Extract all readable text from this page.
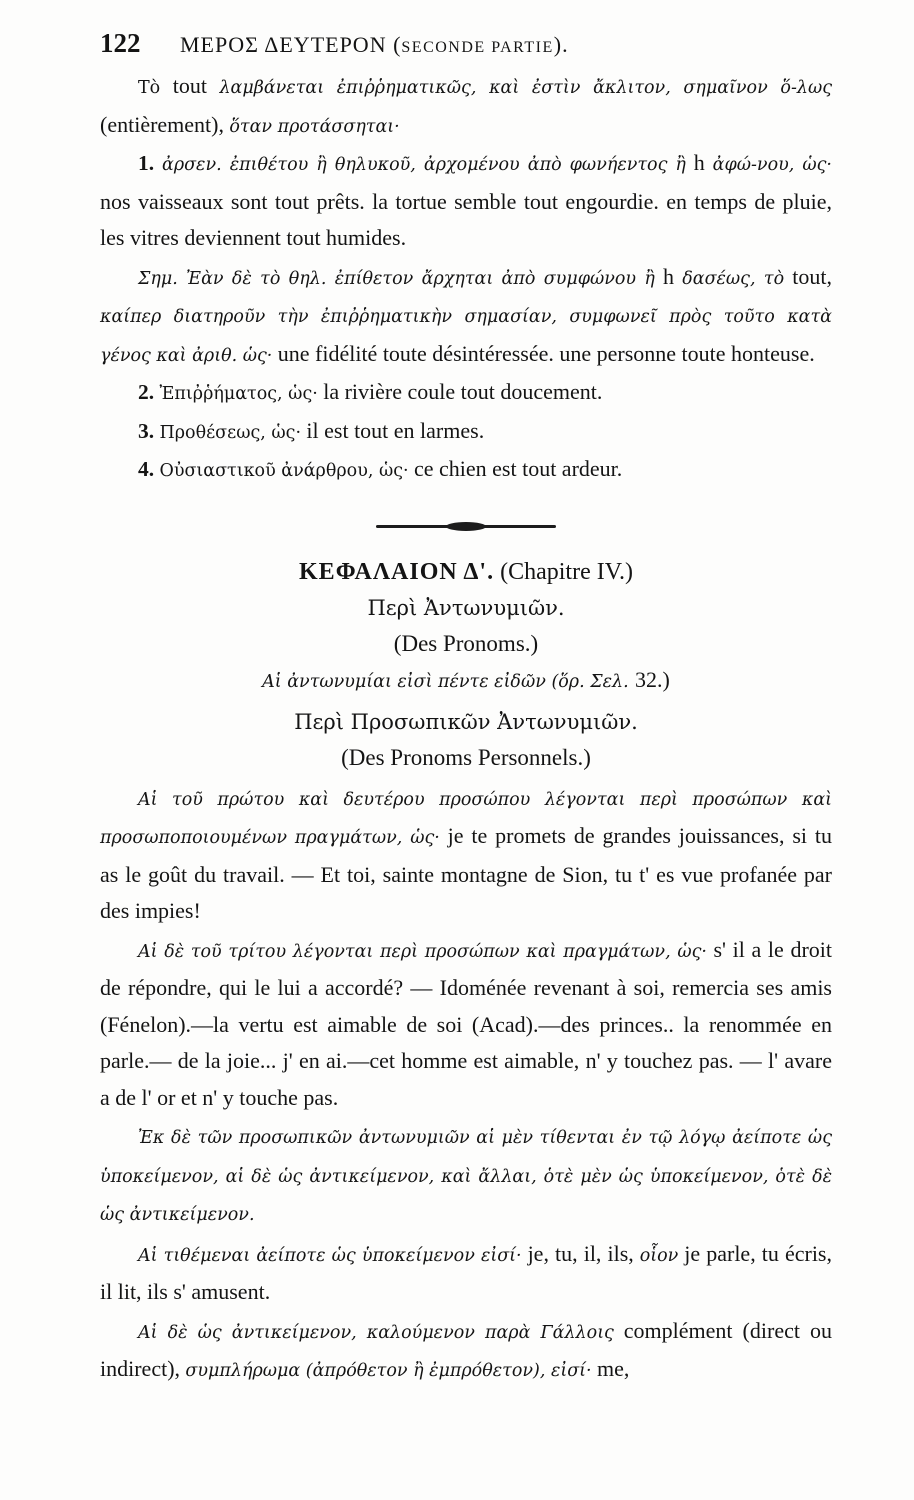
122	ΜΕΡΟΣ ΔΕΥΤΕΡΟΝ (SECONDE PARTIE).

Τὸ tout λαμβάνεται ἐπιῤῥηματικῶς, καὶ ἐστὶν ἄκλιτον, σημαῖνον ὅ-λως (entièrement), ὅταν προτάσσηται·

1. ἀρσεν. ἐπιθέτου ἢ θηλυκοῦ, ἀρχομένου ἀπὸ φωνήεντος ἢ h ἀφώ-νου, ὡς· nos vaisseaux sont tout prêts. la tortue semble tout engourdie. en temps de pluie, les vitres deviennent tout humides.

Σημ. Ἐὰν δὲ τὸ θηλ. ἐπίθετον ἄρχηται ἀπὸ συμφώνου ἢ h δασέως, τὸ tout, καίπερ διατηροῦν τὴν ἐπιῤῥηματικὴν σημασίαν, συμφωνεῖ πρὸς τοῦτο κατὰ γένος καὶ ἀριθ. ὡς· une fidélité toute désintéressée. une personne toute honteuse.

2. Ἐπιῤῥήματος, ὡς· la rivière coule tout doucement.

3. Προθέσεως, ὡς· il est tout en larmes.

4. Οὐσιαστικοῦ ἀνάρθρου, ὡς· ce chien est tout ardeur.

ΚΕΦΑΛΑΙΟΝ Δ'. (Chapitre IV.)
Περὶ Ἀντωνυμιῶν.
(Des Pronoms.)
Αἱ ἀντωνυμίαι εἰσὶ πέντε εἰδῶν (ὅρ. Σελ. 32.)
Περὶ Προσωπικῶν Ἀντωνυμιῶν.
(Des Pronoms Personnels.)

Αἱ τοῦ πρώτου καὶ δευτέρου προσώπου λέγονται περὶ προσώπων καὶ προσωποποιουμένων πραγμάτων, ὡς· je te promets de grandes jouissances, si tu as le goût du travail. — Et toi, sainte montagne de Sion, tu t' es vue profanée par des impies!

Αἱ δὲ τοῦ τρίτου λέγονται περὶ προσώπων καὶ πραγμάτων, ὡς· s' il a le droit de répondre, qui le lui a accordé? — Idoménée revenant à soi, remercia ses amis (Fénelon).—la vertu est aimable de soi (Acad).—des princes.. la renommée en parle.— de la joie... j' en ai.—cet homme est aimable, n' y touchez pas. — l' avare a de l' or et n' y touche pas.

Ἐκ δὲ τῶν προσωπικῶν ἀντωνυμιῶν αἱ μὲν τίθενται ἐν τῷ λόγῳ ἀείποτε ὡς ὑποκείμενον, αἱ δὲ ὡς ἀντικείμενον, καὶ ἄλλαι, ὁτὲ μὲν ὡς ὑποκείμενον, ὁτὲ δὲ ὡς ἀντικείμενον.

Αἱ τιθέμεναι ἀείποτε ὡς ὑποκείμενον εἰσί· je, tu, il, ils, οἷον je parle, tu écris, il lit, ils s' amusent.

Αἱ δὲ ὡς ἀντικείμενον, καλούμενον παρὰ Γάλλοις complément (direct ou indirect), συμπλήρωμα (ἀπρόθετον ἢ ἐμπρόθετον), εἰσί· me,
